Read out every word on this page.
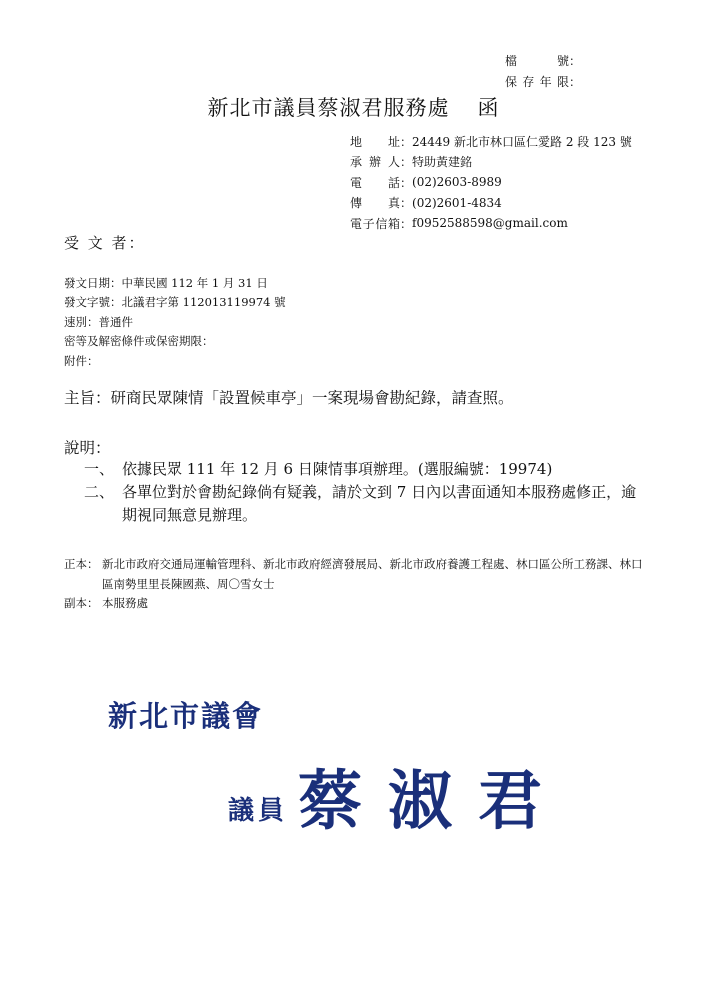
檔　號 ：
保存年限 ：
新北市議員蔡淑君服務處 函
地　址 ： 24449 新北市林口區仁愛路 2 段 123 號
承辦人 ： 特助黃建銘
電　話 ： (02)2603-8989
傳　真 ： (02)2601-4834
電子信箱 ： f0952588598@gmail.com
受 文 者：
發文日期：中華民國 112 年 1 月 31 日
發文字號：北議君字第 112013119974 號
速別：普通件
密等及解密條件或保密期限：
附件：
主旨：研商民眾陳情「設置候車亭」一案現場會勘紀錄，請查照。
說明：
一、 依據民眾 111 年 12 月 6 日陳情事項辦理。(選服編號：19974)
二、 各單位對於會勘紀錄倘有疑義，請於文到 7 日內以書面通知本服務處修正，逾期視同無意見辦理。
正本： 新北市政府交通局運輸管理科、新北市政府經濟發展局、新北市政府養護工程處、林口區公所工務課、林口區南勢里里長陳國燕、周〇雪女士
副本： 本服務處
新北市議會
議員 蔡淑君
